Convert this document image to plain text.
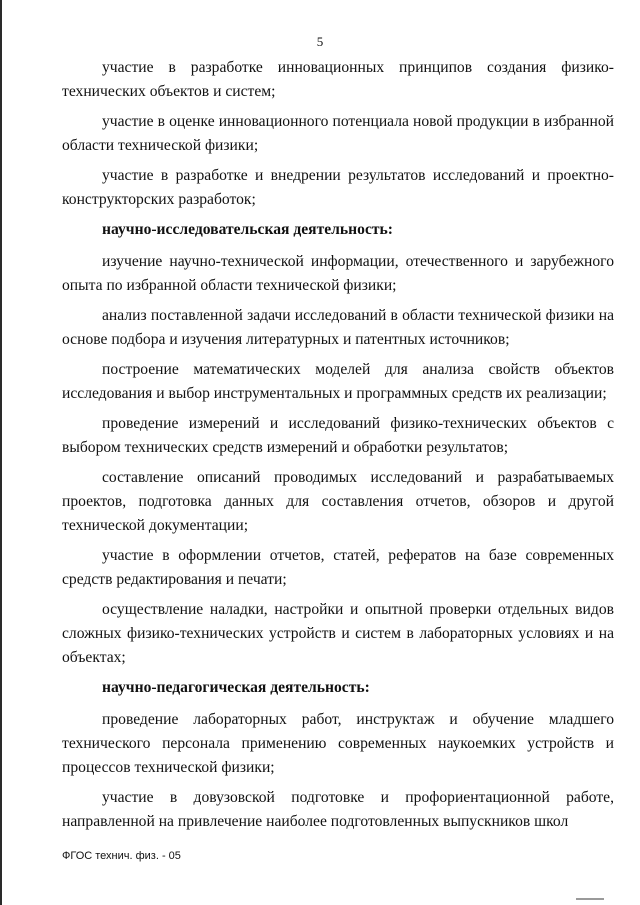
5

участие в разработке инновационных принципов создания физико-технических объектов и систем;

участие в оценке инновационного потенциала новой продукции в избранной области технической физики;

участие в разработке и внедрении результатов исследований и проектно-конструкторских разработок;

научно-исследовательская деятельность:

изучение научно-технической информации, отечественного и зарубежного опыта по избранной области технической физики;

анализ поставленной задачи исследований в области технической физики на основе подбора и изучения литературных и патентных источников;

построение математических моделей для анализа свойств объектов исследования и выбор инструментальных и программных средств их реализации;

проведение измерений и исследований физико-технических объектов с выбором технических средств измерений и обработки результатов;

составление описаний проводимых исследований и разрабатываемых проектов, подготовка данных для составления отчетов, обзоров и другой технической документации;

участие в оформлении отчетов, статей, рефератов на базе современных средств редактирования и печати;

осуществление наладки, настройки и опытной проверки отдельных видов сложных физико-технических устройств и систем в лабораторных условиях и на объектах;

научно-педагогическая деятельность:

проведение лабораторных работ, инструктаж и обучение младшего технического персонала применению современных наукоемких устройств и процессов технической физики;

участие в довузовской подготовке и профориентационной работе, направленной на привлечение наиболее подготовленных выпускников школ

ФГОС технич. физ. - 05
